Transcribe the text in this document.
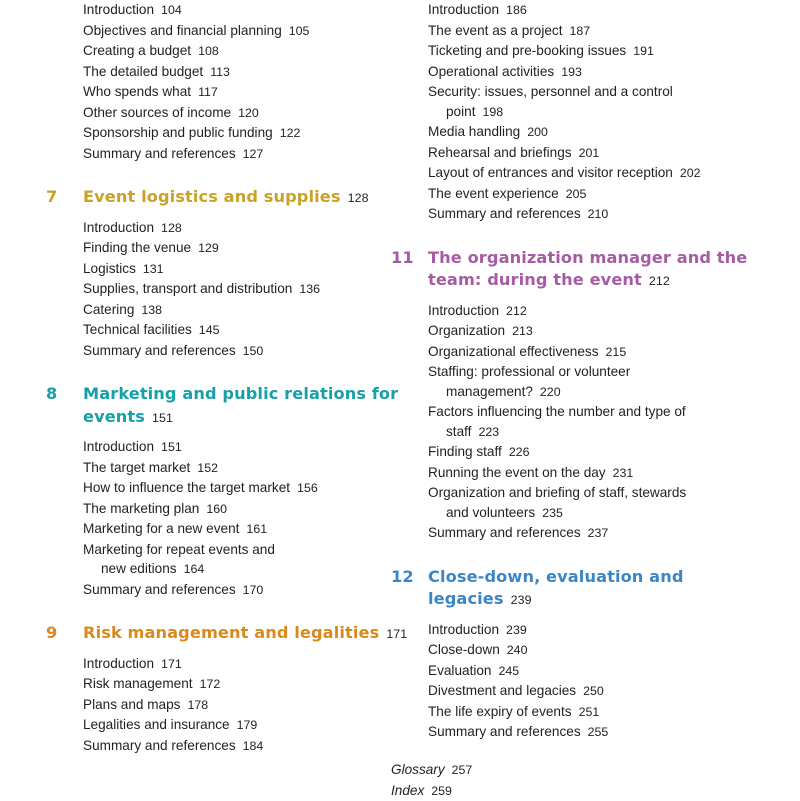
Introduction 104
Objectives and financial planning 105
Creating a budget 108
The detailed budget 113
Who spends what 117
Other sources of income 120
Sponsorship and public funding 122
Summary and references 127
7	Event logistics and supplies 128
Introduction 128
Finding the venue 129
Logistics 131
Supplies, transport and distribution 136
Catering 138
Technical facilities 145
Summary and references 150
8	Marketing and public relations for
events 151
Introduction 151
The target market 152
How to influence the target market 156
The marketing plan 160
Marketing for a new event 161
Marketing for repeat events and
new editions 164
Summary and references 170
9	Risk management and legalities 171
Introduction 171
Risk management 172
Plans and maps 178
Legalities and insurance 179
Summary and references 184
Introduction 186
The event as a project 187
Ticketing and pre-booking issues 191
Operational activities 193
Security: issues, personnel and a control
point 198
Media handling 200
Rehearsal and briefings 201
Layout of entrances and visitor reception 202
The event experience 205
Summary and references 210
11 The organization manager and the
team: during the event 212
Introduction 212
Organization 213
Organizational effectiveness 215
Staffing: professional or volunteer
management? 220
Factors influencing the number and type of
staff 223
Finding staff 226
Running the event on the day 231
Organization and briefing of staff, stewards
and volunteers 235
Summary and references 237
12 Close-down, evaluation and
legacies 239
Introduction 239
Close-down 240
Evaluation 245
Divestment and legacies 250
The life expiry of events 251
Summary and references 255
Glossary 257
Index 259
